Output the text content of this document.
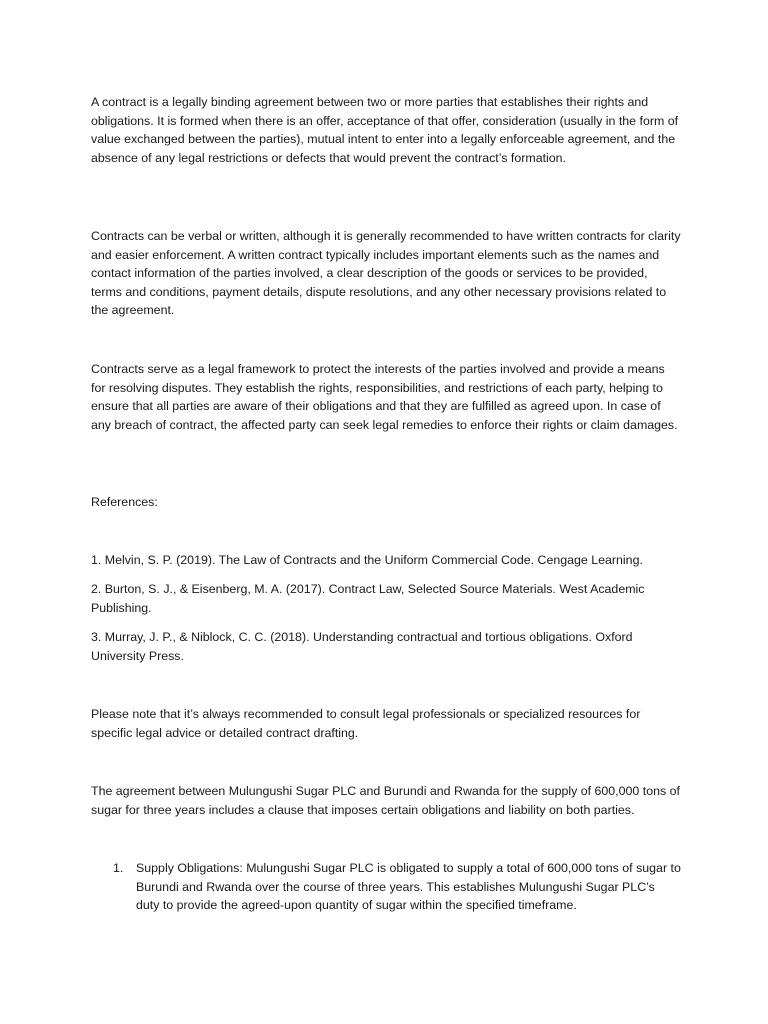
A contract is a legally binding agreement between two or more parties that establishes their rights and obligations. It is formed when there is an offer, acceptance of that offer, consideration (usually in the form of value exchanged between the parties), mutual intent to enter into a legally enforceable agreement, and the absence of any legal restrictions or defects that would prevent the contract’s formation.

Contracts can be verbal or written, although it is generally recommended to have written contracts for clarity and easier enforcement. A written contract typically includes important elements such as the names and contact information of the parties involved, a clear description of the goods or services to be provided, terms and conditions, payment details, dispute resolutions, and any other necessary provisions related to the agreement.

Contracts serve as a legal framework to protect the interests of the parties involved and provide a means for resolving disputes. They establish the rights, responsibilities, and restrictions of each party, helping to ensure that all parties are aware of their obligations and that they are fulfilled as agreed upon. In case of any breach of contract, the affected party can seek legal remedies to enforce their rights or claim damages.

References:

1. Melvin, S. P. (2019). The Law of Contracts and the Uniform Commercial Code. Cengage Learning.

2. Burton, S. J., & Eisenberg, M. A. (2017). Contract Law, Selected Source Materials. West Academic Publishing.

3. Murray, J. P., & Niblock, C. C. (2018). Understanding contractual and tortious obligations. Oxford University Press.

Please note that it’s always recommended to consult legal professionals or specialized resources for specific legal advice or detailed contract drafting.

The agreement between Mulungushi Sugar PLC and Burundi and Rwanda for the supply of 600,000 tons of sugar for three years includes a clause that imposes certain obligations and liability on both parties.

1. Supply Obligations: Mulungushi Sugar PLC is obligated to supply a total of 600,000 tons of sugar to Burundi and Rwanda over the course of three years. This establishes Mulungushi Sugar PLC’s duty to provide the agreed-upon quantity of sugar within the specified timeframe.
